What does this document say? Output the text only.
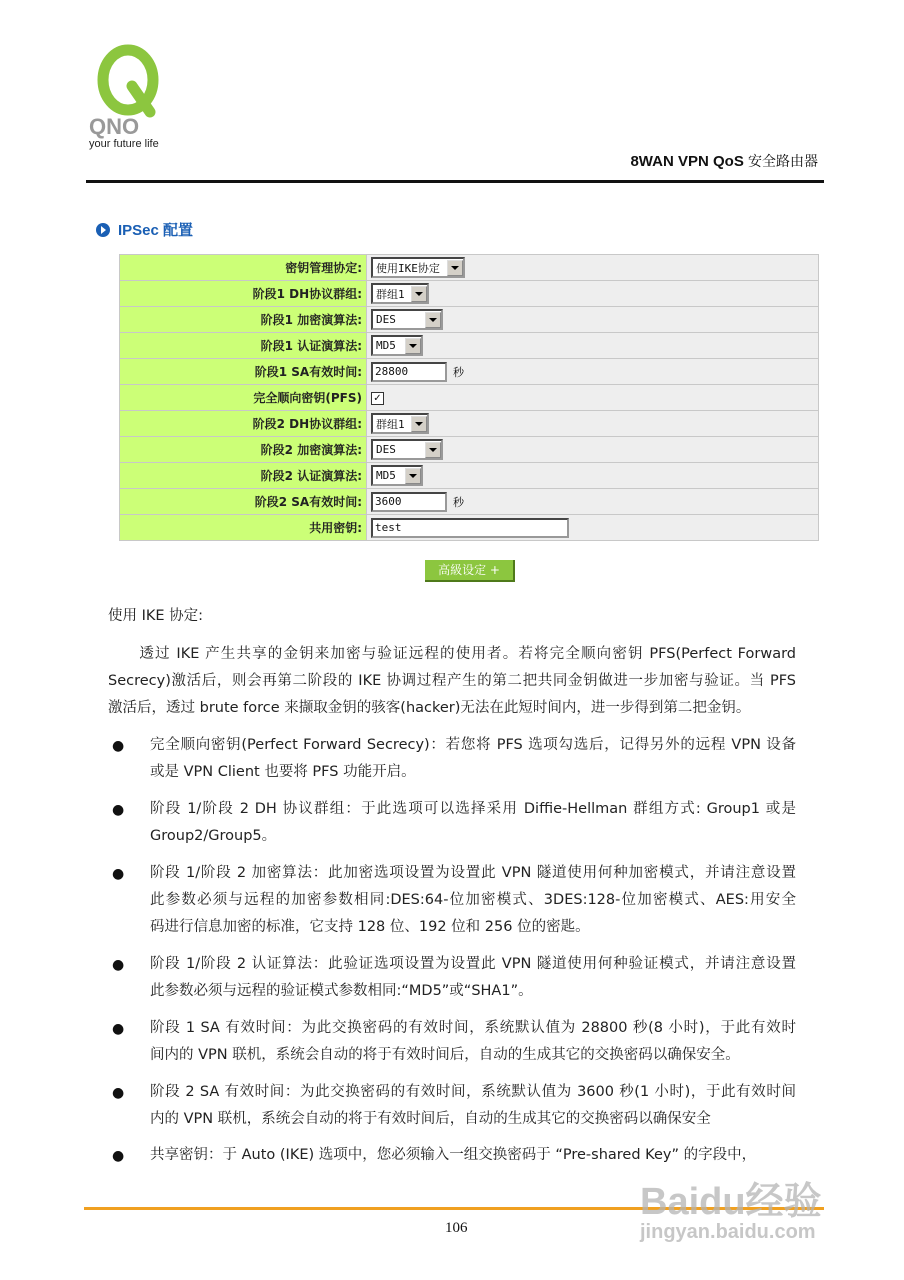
QNO
your future life
8WAN VPN QoS 安全路由器
IPSec 配置
密钥管理协定:	使用IKE协定

阶段1 DH协议群组:	群组1

阶段1 加密演算法:	DES

阶段1 认证演算法:	MD5

阶段1 SA有效时间:	28800 秒
完全顺向密钥(PFS)	✓
阶段2 DH协议群组:	群组1

阶段2 加密演算法:	DES

阶段2 认证演算法:	MD5

阶段2 SA有效时间:	3600 秒
共用密钥:	test
高級设定 +
使用 IKE 协定:
　　透过 IKE 产生共享的金钥来加密与验证远程的使用者。若将完全顺向密钥 PFS(Perfect Forward
Secrecy)激活后，则会再第二阶段的 IKE 协调过程产生的第二把共同金钥做进一步加密与验证。当 PFS
激活后，透过 brute force 来撷取金钥的骇客(hacker)无法在此短时间内，进一步得到第二把金钥。
● 完全顺向密钥(Perfect Forward Secrecy)：若您将 PFS 选项勾选后，记得另外的远程 VPN 设备
或是 VPN Client 也要将 PFS 功能开启。
● 阶段 1/阶段 2 DH 协议群组：于此选项可以选择采用 Diffie-Hellman 群组方式: Group1 或是
Group2/Group5。
● 阶段 1/阶段 2 加密算法：此加密选项设置为设置此 VPN 隧道使用何种加密模式，并请注意设置
此参数必须与远程的加密参数相同:DES:64-位加密模式、3DES:128-位加密模式、AES:用安全
码进行信息加密的标准，它支持 128 位、192 位和 256 位的密匙。
● 阶段 1/阶段 2 认证算法：此验证选项设置为设置此 VPN 隧道使用何种验证模式，并请注意设置
此参数必须与远程的验证模式参数相同:“MD5”或“SHA1”。
● 阶段 1 SA 有效时间：为此交换密码的有效时间，系统默认值为 28800 秒(8 小时)，于此有效时
间内的 VPN 联机，系统会自动的将于有效时间后，自动的生成其它的交换密码以确保安全。
● 阶段 2 SA 有效时间：为此交换密码的有效时间，系统默认值为 3600 秒(1 小时)，于此有效时间
内的 VPN 联机，系统会自动的将于有效时间后，自动的生成其它的交换密码以确保安全
● 共享密钥：于 Auto (IKE) 选项中，您必须输入一组交换密码于 “Pre-shared Key” 的字段中，
106
Baidu经验
jingyan.baidu.com
